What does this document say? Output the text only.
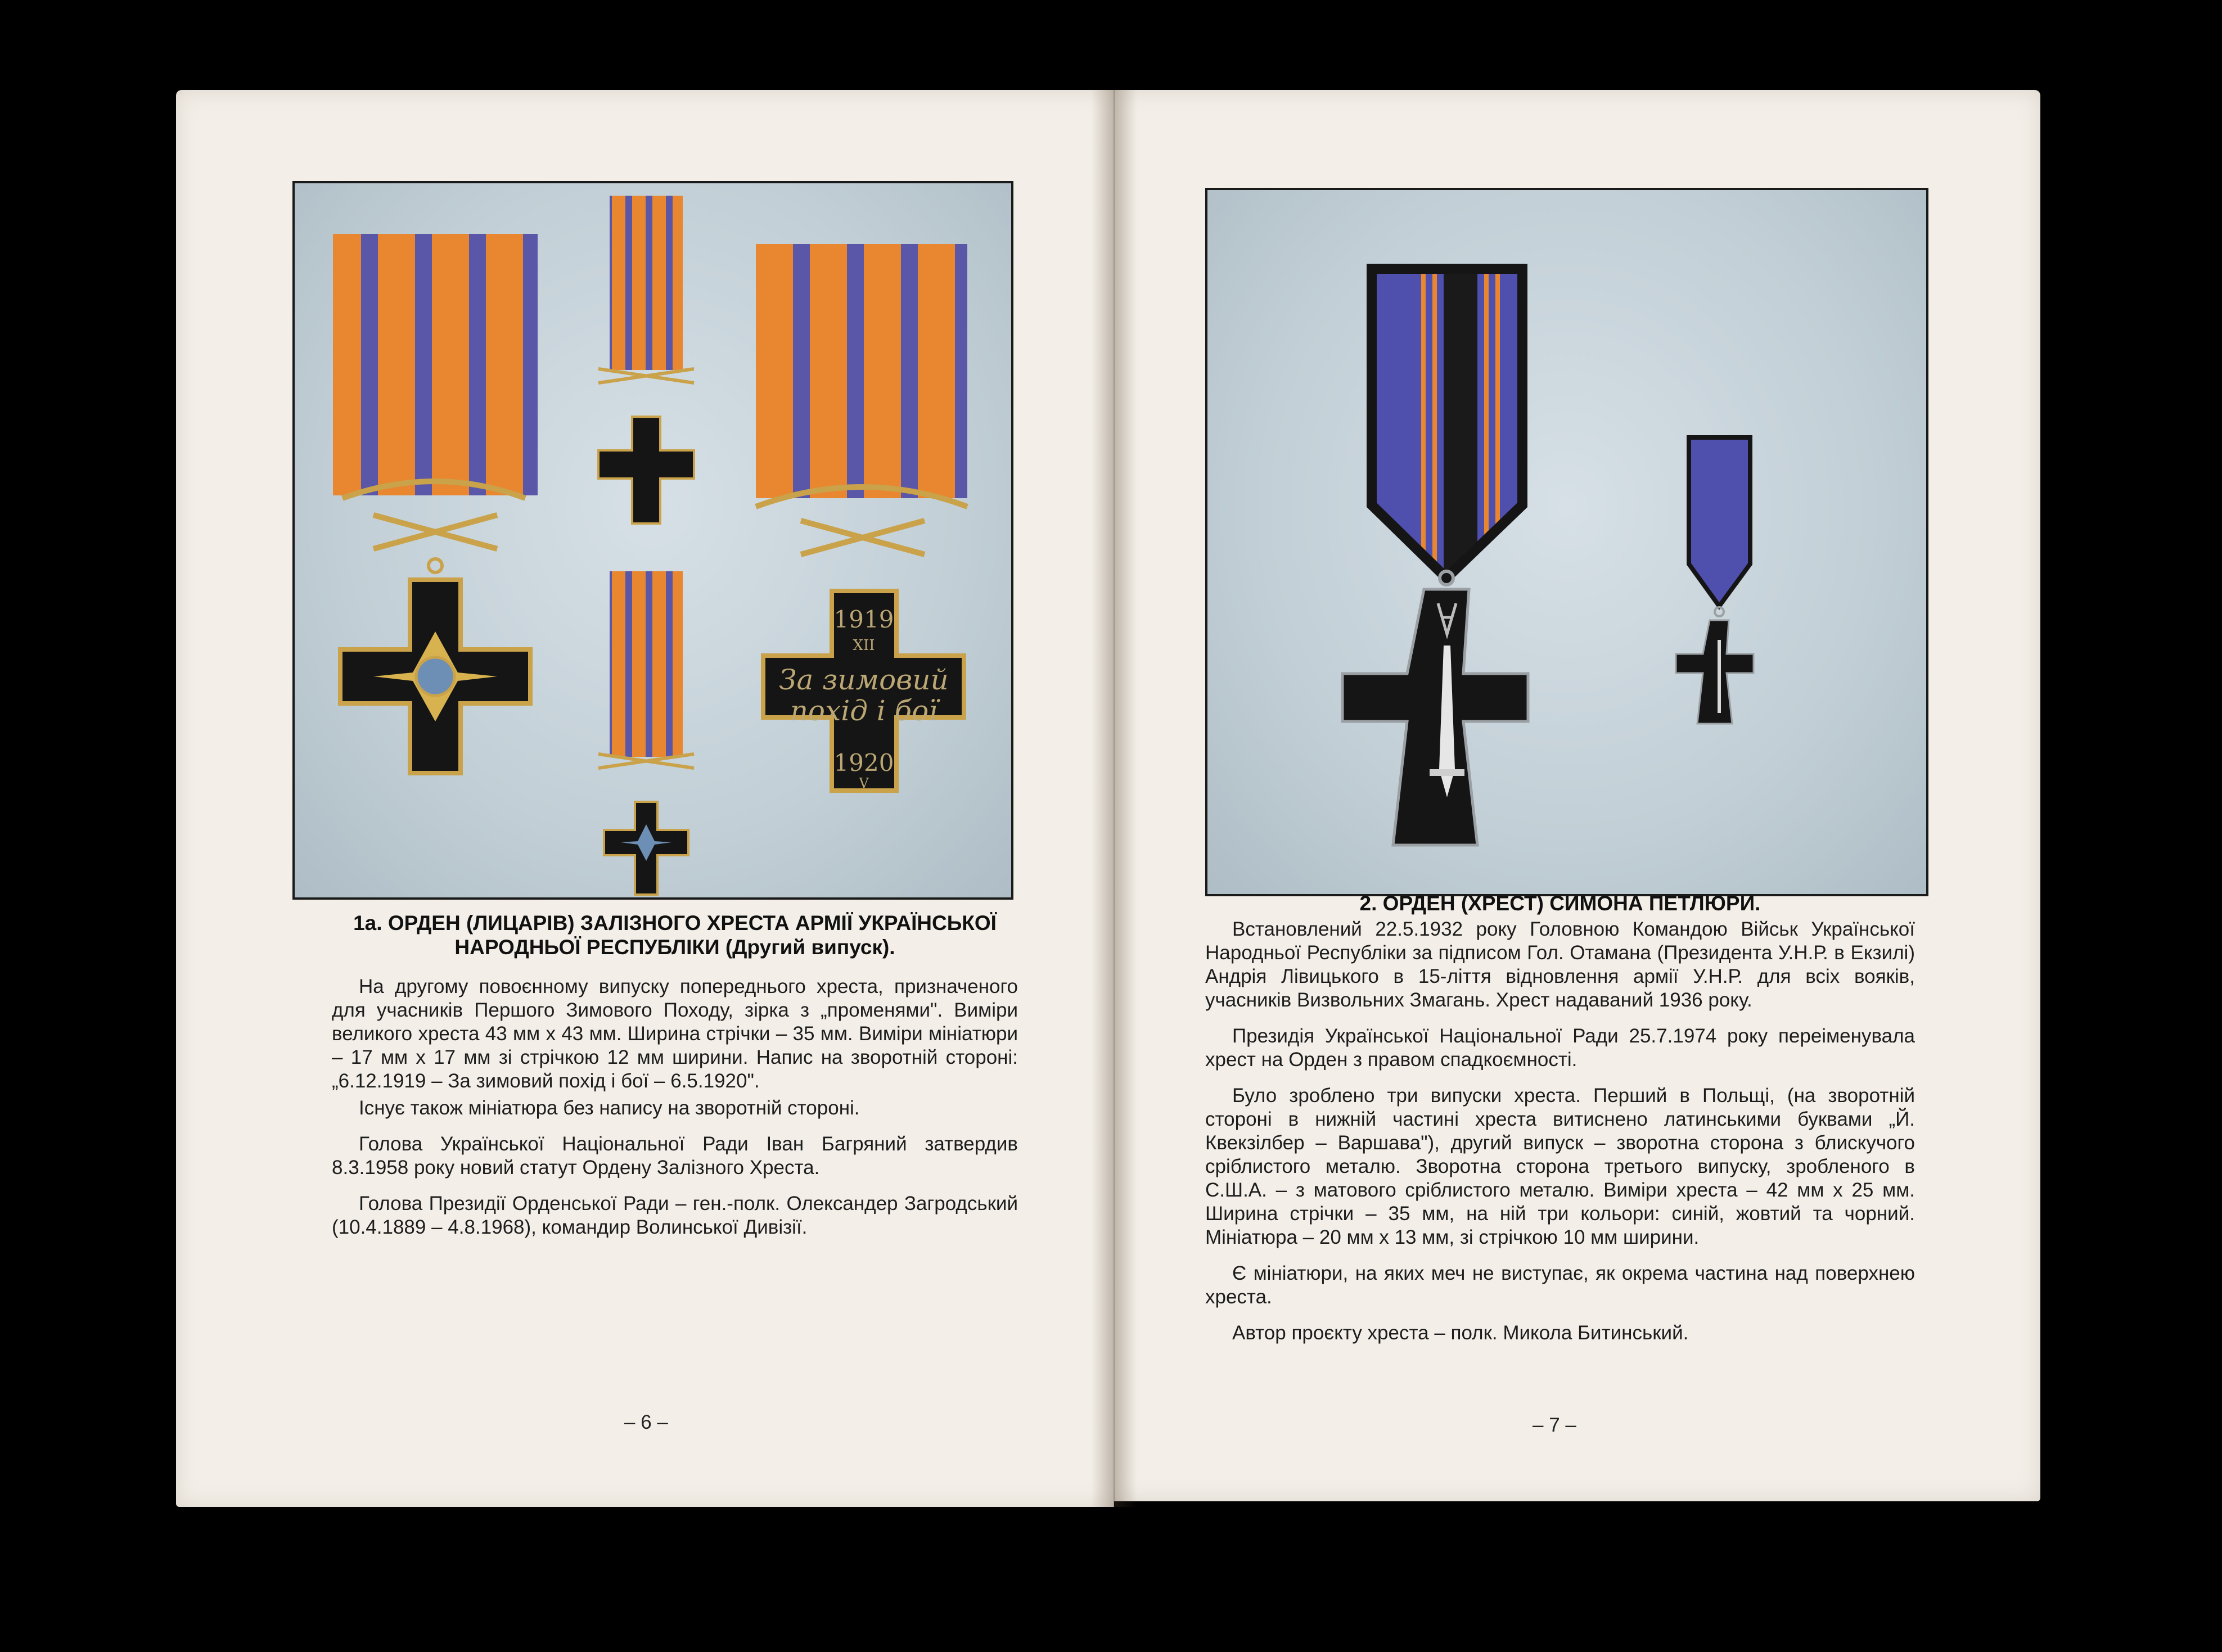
1919
XII
За зимовий
похід і бої
1920
V
1а. ОРДЕН (ЛИЦАРІВ) ЗАЛІЗНОГО ХРЕСТА АРМІЇ УКРАЇНСЬКОЇ НАРОДНЬОЇ РЕСПУБЛІКИ (Другий випуск).

На другому повоєнному випуску попереднього хреста, призначеного для учасників Першого Зимового Походу, зірка з „променями". Виміри великого хреста 43 мм х 43 мм. Ширина стрічки – 35 мм. Виміри мініатюри – 17 мм х 17 мм зі стрічкою 12 мм ширини. Напис на зворотній стороні: „6.12.1919 – За зимовий похід і бої – 6.5.1920".

Існує також мініатюра без напису на зворотній стороні.

Голова Української Національної Ради Іван Багряний затвердив 8.3.1958 року новий статут Ордену Залізного Хреста.

Голова Президії Орденської Ради – ген.-полк. Олександер Загродський (10.4.1889 – 4.8.1968), командир Волинської Дивізії.

– 6 –
2. ОРДЕН (ХРЕСТ) СИМОНА ПЕТЛЮРИ.

Встановлений 22.5.1932 року Головною Командою Військ Української Народньої Республіки за підписом Гол. Отамана (Президента У.Н.Р. в Екзилі) Андрія Лівицького в 15-ліття відновлення армії У.Н.Р. для всіх вояків, учасників Визвольних Змагань. Хрест надаваний 1936 року.

Президія Української Національної Ради 25.7.1974 року переіменувала хрест на Орден з правом спадкоємності.

Було зроблено три випуски хреста. Перший в Польщі, (на зворотній стороні в нижній частині хреста витиснено латинськими буквами „Й. Квекзілбер – Варшава"), другий випуск – зворотна сторона з блискучого сріблистого металю. Зворотна сторона третього випуску, зробленого в С.Ш.А. – з матового сріблистого металю. Виміри хреста – 42 мм х 25 мм. Ширина стрічки – 35 мм, на ній три кольори: синій, жовтий та чорний. Мініатюра – 20 мм х 13 мм, зі стрічкою 10 мм ширини.

Є мініатюри, на яких меч не виступає, як окрема частина над поверхнею хреста.

Автор проєкту хреста – полк. Микола Битинський.

– 7 –
